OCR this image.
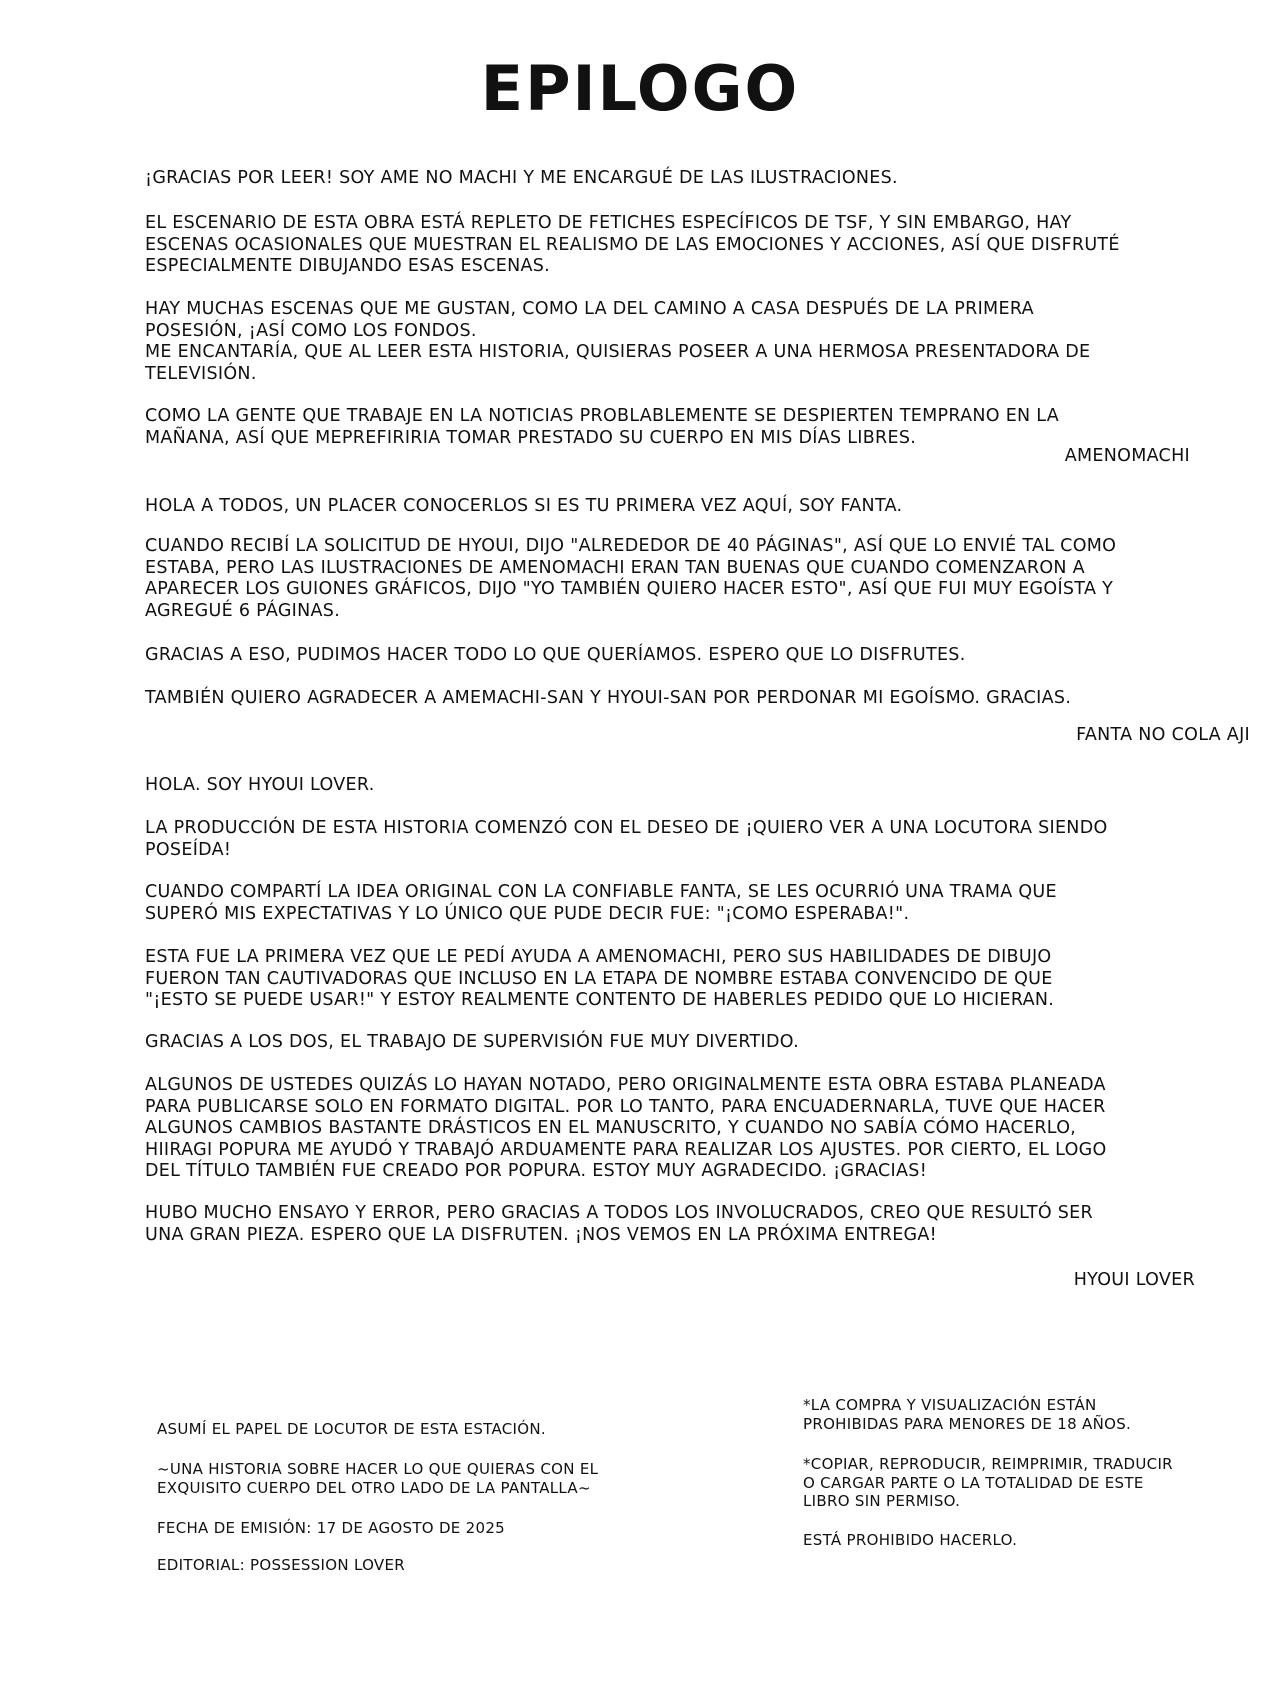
EPILOGO

¡GRACIAS POR LEER! SOY AME NO MACHI Y ME ENCARGUÉ DE LAS ILUSTRACIONES.

EL ESCENARIO DE ESTA OBRA ESTÁ REPLETO DE FETICHES ESPECÍFICOS DE TSF, Y SIN EMBARGO, HAY ESCENAS OCASIONALES QUE MUESTRAN EL REALISMO DE LAS EMOCIONES Y ACCIONES, ASÍ QUE DISFRUTÉ ESPECIALMENTE DIBUJANDO ESAS ESCENAS.

HAY MUCHAS ESCENAS QUE ME GUSTAN, COMO LA DEL CAMINO A CASA DESPUÉS DE LA PRIMERA POSESIÓN, ¡ASÍ COMO LOS FONDOS.
ME ENCANTARÍA, QUE AL LEER ESTA HISTORIA, QUISIERAS POSEER A UNA HERMOSA PRESENTADORA DE TELEVISIÓN.

COMO LA GENTE QUE TRABAJE EN LA NOTICIAS PROBLABLEMENTE SE DESPIERTEN TEMPRANO EN LA MAÑANA, ASÍ QUE MEPREFIRIRIA TOMAR PRESTADO SU CUERPO EN MIS DÍAS LIBRES.

AMENOMACHI

HOLA A TODOS, UN PLACER CONOCERLOS SI ES TU PRIMERA VEZ AQUÍ, SOY FANTA.

CUANDO RECIBÍ LA SOLICITUD DE HYOUI, DIJO "ALREDEDOR DE 40 PÁGINAS", ASÍ QUE LO ENVIÉ TAL COMO ESTABA, PERO LAS ILUSTRACIONES DE AMENOMACHI ERAN TAN BUENAS QUE CUANDO COMENZARON A APARECER LOS GUIONES GRÁFICOS, DIJO "YO TAMBIÉN QUIERO HACER ESTO", ASÍ QUE FUI MUY EGOÍSTA Y AGREGUÉ 6 PÁGINAS.

GRACIAS A ESO, PUDIMOS HACER TODO LO QUE QUERÍAMOS. ESPERO QUE LO DISFRUTES.

TAMBIÉN QUIERO AGRADECER A AMEMACHI-SAN Y HYOUI-SAN POR PERDONAR MI EGOÍSMO. GRACIAS.

FANTA NO COLA AJI

HOLA. SOY HYOUI LOVER.

LA PRODUCCIÓN DE ESTA HISTORIA COMENZÓ CON EL DESEO DE ¡QUIERO VER A UNA LOCUTORA SIENDO POSEÍDA!

CUANDO COMPARTÍ LA IDEA ORIGINAL CON LA CONFIABLE FANTA, SE LES OCURRIÓ UNA TRAMA QUE SUPERÓ MIS EXPECTATIVAS Y LO ÚNICO QUE PUDE DECIR FUE: "¡COMO ESPERABA!".

ESTA FUE LA PRIMERA VEZ QUE LE PEDÍ AYUDA A AMENOMACHI, PERO SUS HABILIDADES DE DIBUJO FUERON TAN CAUTIVADORAS QUE INCLUSO EN LA ETAPA DE NOMBRE ESTABA CONVENCIDO DE QUE "¡ESTO SE PUEDE USAR!" Y ESTOY REALMENTE CONTENTO DE HABERLES PEDIDO QUE LO HICIERAN.

GRACIAS A LOS DOS, EL TRABAJO DE SUPERVISIÓN FUE MUY DIVERTIDO.

ALGUNOS DE USTEDES QUIZÁS LO HAYAN NOTADO, PERO ORIGINALMENTE ESTA OBRA ESTABA PLANEADA PARA PUBLICARSE SOLO EN FORMATO DIGITAL. POR LO TANTO, PARA ENCUADERNARLA, TUVE QUE HACER ALGUNOS CAMBIOS BASTANTE DRÁSTICOS EN EL MANUSCRITO, Y CUANDO NO SABÍA CÓMO HACERLO, HIIRAGI POPURA ME AYUDÓ Y TRABAJÓ ARDUAMENTE PARA REALIZAR LOS AJUSTES. POR CIERTO, EL LOGO DEL TÍTULO TAMBIÉN FUE CREADO POR POPURA. ESTOY MUY AGRADECIDO. ¡GRACIAS!

HUBO MUCHO ENSAYO Y ERROR, PERO GRACIAS A TODOS LOS INVOLUCRADOS, CREO QUE RESULTÓ SER UNA GRAN PIEZA. ESPERO QUE LA DISFRUTEN. ¡NOS VEMOS EN LA PRÓXIMA ENTREGA!

HYOUI LOVER

ASUMÍ EL PAPEL DE LOCUTOR DE ESTA ESTACIÓN.

~UNA HISTORIA SOBRE HACER LO QUE QUIERAS CON EL EXQUISITO CUERPO DEL OTRO LADO DE LA PANTALLA~

FECHA DE EMISIÓN: 17 DE AGOSTO DE 2025

EDITORIAL: POSSESSION LOVER

*LA COMPRA Y VISUALIZACIÓN ESTÁN PROHIBIDAS PARA MENORES DE 18 AÑOS.

*COPIAR, REPRODUCIR, REIMPRIMIR, TRADUCIR O CARGAR PARTE O LA TOTALIDAD DE ESTE LIBRO SIN PERMISO.

ESTÁ PROHIBIDO HACERLO.
